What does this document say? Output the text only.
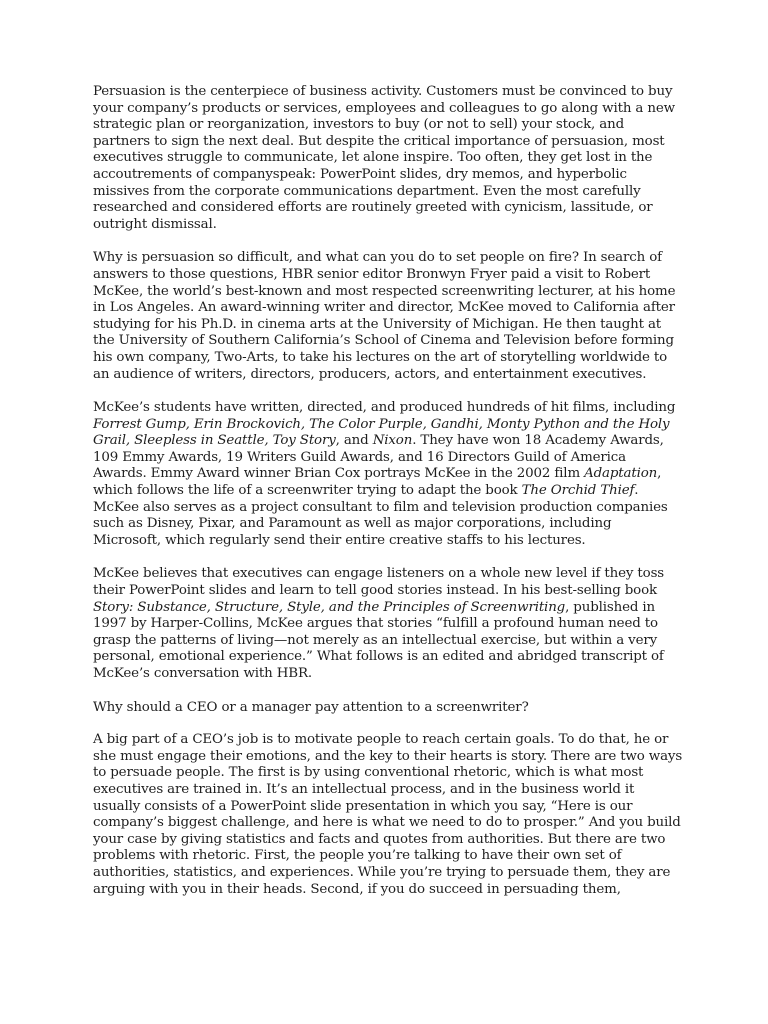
Persuasion is the centerpiece of business activity. Customers must be convinced to buy your company’s products or services, employees and colleagues to go along with a new strategic plan or reorganization, investors to buy (or not to sell) your stock, and partners to sign the next deal. But despite the critical importance of persuasion, most executives struggle to communicate, let alone inspire. Too often, they get lost in the accoutrements of companyspeak: PowerPoint slides, dry memos, and hyperbolic missives from the corporate communications department. Even the most carefully researched and considered efforts are routinely greeted with cynicism, lassitude, or outright dismissal.

Why is persuasion so difficult, and what can you do to set people on fire? In search of answers to those questions, HBR senior editor Bronwyn Fryer paid a visit to Robert McKee, the world’s best-known and most respected screenwriting lecturer, at his home in Los Angeles. An award-winning writer and director, McKee moved to California after studying for his Ph.D. in cinema arts at the University of Michigan. He then taught at the University of Southern California’s School of Cinema and Television before forming his own company, Two-Arts, to take his lectures on the art of storytelling worldwide to an audience of writers, directors, producers, actors, and entertainment executives.

McKee’s students have written, directed, and produced hundreds of hit films, including Forrest Gump, Erin Brockovich, The Color Purple, Gandhi, Monty Python and the Holy Grail, Sleepless in Seattle, Toy Story, and Nixon. They have won 18 Academy Awards, 109 Emmy Awards, 19 Writers Guild Awards, and 16 Directors Guild of America Awards. Emmy Award winner Brian Cox portrays McKee in the 2002 film Adaptation, which follows the life of a screenwriter trying to adapt the book The Orchid Thief. McKee also serves as a project consultant to film and television production companies such as Disney, Pixar, and Paramount as well as major corporations, including Microsoft, which regularly send their entire creative staffs to his lectures.

McKee believes that executives can engage listeners on a whole new level if they toss their PowerPoint slides and learn to tell good stories instead. In his best-selling book Story: Substance, Structure, Style, and the Principles of Screenwriting, published in 1997 by Harper-Collins, McKee argues that stories “fulfill a profound human need to grasp the patterns of living—not merely as an intellectual exercise, but within a very personal, emotional experience.” What follows is an edited and abridged transcript of McKee’s conversation with HBR.

Why should a CEO or a manager pay attention to a screenwriter?

A big part of a CEO’s job is to motivate people to reach certain goals. To do that, he or she must engage their emotions, and the key to their hearts is story. There are two ways to persuade people. The first is by using conventional rhetoric, which is what most executives are trained in. It’s an intellectual process, and in the business world it usually consists of a PowerPoint slide presentation in which you say, “Here is our company’s biggest challenge, and here is what we need to do to prosper.” And you build your case by giving statistics and facts and quotes from authorities. But there are two problems with rhetoric. First, the people you’re talking to have their own set of authorities, statistics, and experiences. While you’re trying to persuade them, they are arguing with you in their heads. Second, if you do succeed in persuading them,
